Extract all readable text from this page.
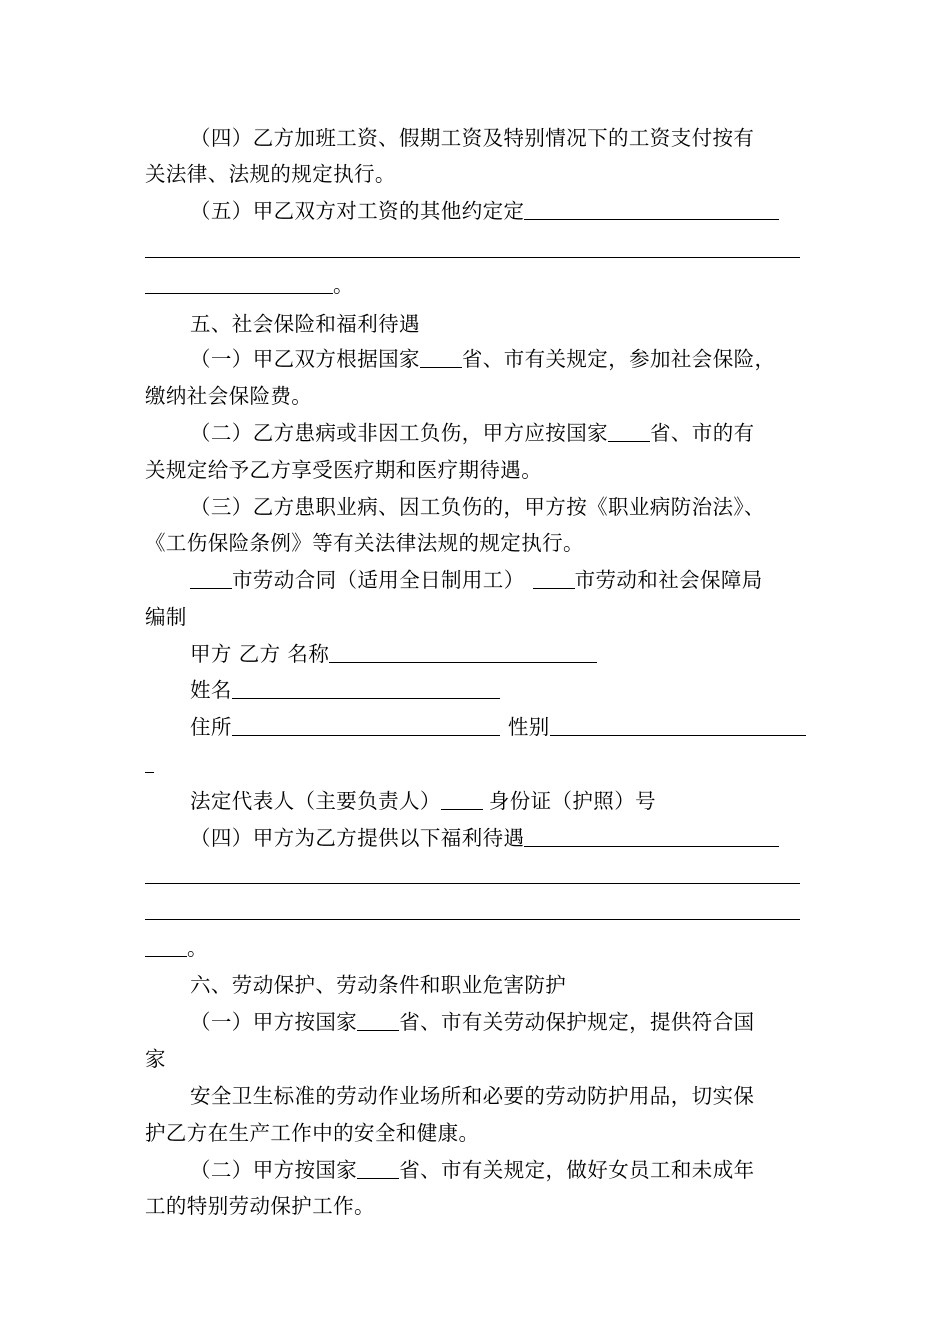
（四）乙方加班工资、假期工资及特别情况下的工资支付按有
关法律、法规的规定执行。
（五）甲乙双方对工资的其他约定定
。
五、社会保险和福利待遇
（一）甲乙双方根据国家 省、市有关规定，参加社会保险，
缴纳社会保险费。
（二）乙方患病或非因工负伤，甲方应按国家 省、市的有
关规定给予乙方享受医疗期和医疗期待遇。
（三）乙方患职业病、因工负伤的，甲方按《职业病防治法》、
《工伤保险条例》等有关法律法规的规定执行。
市劳动合同（适用全日制用工） 市劳动和社会保障局
编制
甲方 乙方 名称
姓名
住所	性别
法定代表人（主要负责人） 身份证（护照）号
（四）甲方为乙方提供以下福利待遇
。
六、劳动保护、劳动条件和职业危害防护
（一）甲方按国家 省、市有关劳动保护规定，提供符合国
家
安全卫生标准的劳动作业场所和必要的劳动防护用品，切实保
护乙方在生产工作中的安全和健康。
（二）甲方按国家 省、市有关规定，做好女员工和未成年
工的特别劳动保护工作。
